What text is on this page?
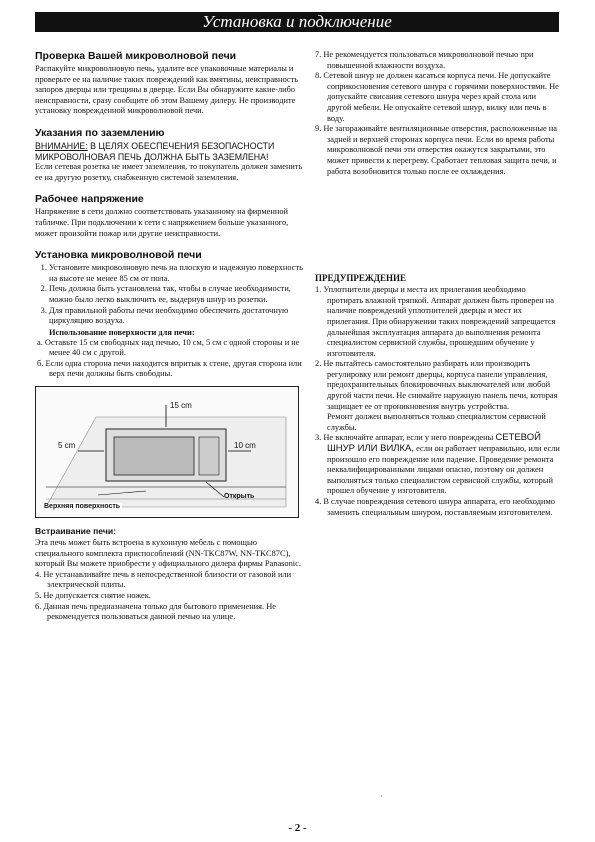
Установка и подключение
Проверка Вашей микроволновой печи

Распакуйте микроволновую печь, удалите все упаковочные материалы и проверьте ее на наличие таких повреждений как вмятины, неисправность запоров дверцы или трещины в дверце. Если Вы обнаружите какие-либо неисправности, сразу сообщите об этом Вашему дилеру. Не производите установку поврежденной микроволновой печи.

Указания по заземлению

ВНИМАНИЕ: В ЦЕЛЯХ ОБЕСПЕЧЕНИЯ БЕЗОПАСНОСТИ МИКРОВОЛНОВАЯ ПЕЧЬ ДОЛЖНА БЫТЬ ЗАЗЕМЛЕНА!

Если сетевая розетка не имеет заземления, то покупатель должен заменить ее на другую розетку, снабженную системой заземления.

Рабочее напряжение

Напряжение в сети должно соответствовать указанному на фирменной табличке. При подключении к сети с напряжением больше указанного, может произойти пожар или другие неисправности.

Установка микроволновой печи
1. Установите микроволновую печь на плоскую и надежную поверхность на высоте не менее 85 см от пола.
2. Печь должна быть установлена так, чтобы в случае необходимости, можно было легко выключить ее, выдернув шнур из розетки.
3. Для правильной работы печи необходимо обеспечить достаточную циркуляцию воздуха.
Использование поверхности для печи:

а. Оставьте 15 см свободных над печью, 10 см, 5 см с одной стороны и не менее 40 см с другой.

б. Если одна сторона печи находится впритык к стене, другая сторона или верх печи должны быть свободны.

15 cm
5 cm	10 cm
Открыть
Верхняя поверхность
Встраивание печи:

Эта печь может быть встроена в кухонную мебель с помощью специального комплекта приспособлений (NN-TKC87W, NN-TKC87C), который Вы можете приобрести у официального дилера фирмы Panasonic.

4. Не устанавливайте печь в непосредственной близости от газовой или электрической плиты.

5. Не допускается снятие ножек.

6. Данная печь предназначена только для бытового применения. Не рекомендуется пользоваться данной печью на улице.

7. Не рекомендуется пользоваться микроволновой печью при повышенной влажности воздуха.

8. Сетевой шнур не должен касаться корпуса печи. Не допускайте соприкосновения сетевого шнура с горячими поверхностями. Не допускайте свисания сетевого шнура через край стола или другой мебели. Не опускайте сетевой шнур, вилку или печь в воду.

9. Не загораживайте вентиляционные отверстия, расположенные на задней и верхней сторонах корпуса печи. Если во время работы микроволновой печи эти отверстия окажутся закрытыми, это может привести к перегреву. Сработает тепловая защита печи, и работа возобновится только после ее охлаждения.

ПРЕДУПРЕЖДЕНИЕ

1. Уплотнители дверцы и места их прилегания необходимо протирать влажной тряпкой. Аппарат должен быть проверен на наличие повреждений уплотнителей дверцы и мест их прилегания. При обнаружении таких повреждений запрещается дальнейшая эксплуатация аппарата до выполнения ремонта специалистом сервисной службы, прошедшим обучение у изготовителя.

2. Не пытайтесь самостоятельно разбирать или производить регулировку или ремонт дверцы, корпуса панели управления, предохранительных блокировочных выключателей или любой другой части печи. Не снимайте наружную панель печи, которая защищает ее от проникновения внутрь устройства.

Ремонт должен выполняться только специалистом сервисной службы.

3. Не включайте аппарат, если у него повреждены СЕТЕВОЙ ШНУР ИЛИ ВИЛКА, если он работает неправильно, или если произошло его повреждение или падение. Проведение ремонта неквалифицированными лицами опасно, поэтому он должен выполняться только специалистом сервисной службы, который прошел обучение у изготовителя.

4. В случае повреждения сетевого шнура аппарата, его необходимо заменить специальным шнуром, поставляемым изготовителем.

·
- 2 -
